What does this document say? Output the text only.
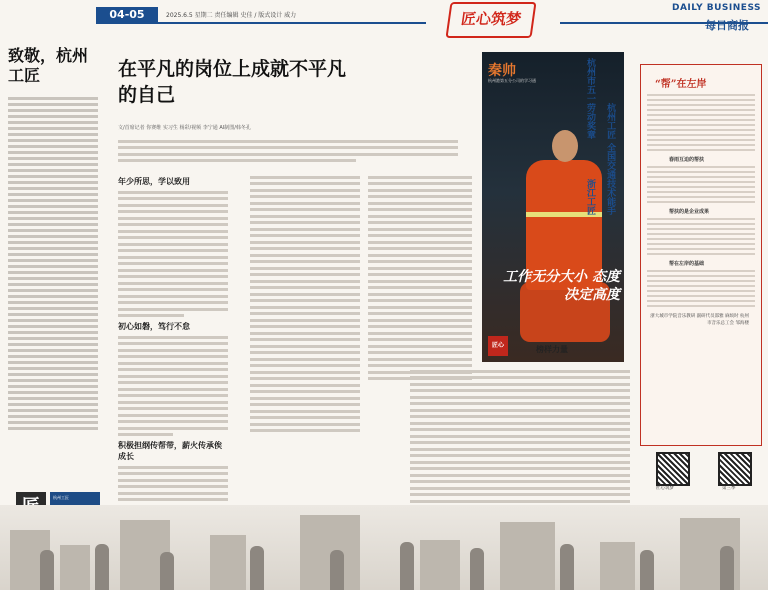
04-05	2025.6.5 星期二 责任编辑 史佳 / 版式设计 威力	匠心筑梦
DAILY BUSINESS
每日商报
致敬，杭州工匠
杭州工匠
在平凡的岗位上成就不平凡的自己
文/首席记者 你赛维 实习生 杨彩/视频 李宁通 AI制图/韩冬孔
年少所思，学以致用
初心如磐，笃行不怠
积极担纲传帮带，薪火传承俟成长
秦帅
杭州港第五分公司的学习通	杭州市五一劳动奖章 杭州工匠 浙江工匠 全国交通技术能手
工作无分大小 态度决定高度
匠心	榜样力量
“帮”在左岸
春雨互迫的帮扶
帮扶的是企业成果
帮在左岸的基础
浙大城市学院音乐教研 副研代员邵雅 麻烦时 杭州市音乐总工会 邹海楼
匠心筑梦	第三季
